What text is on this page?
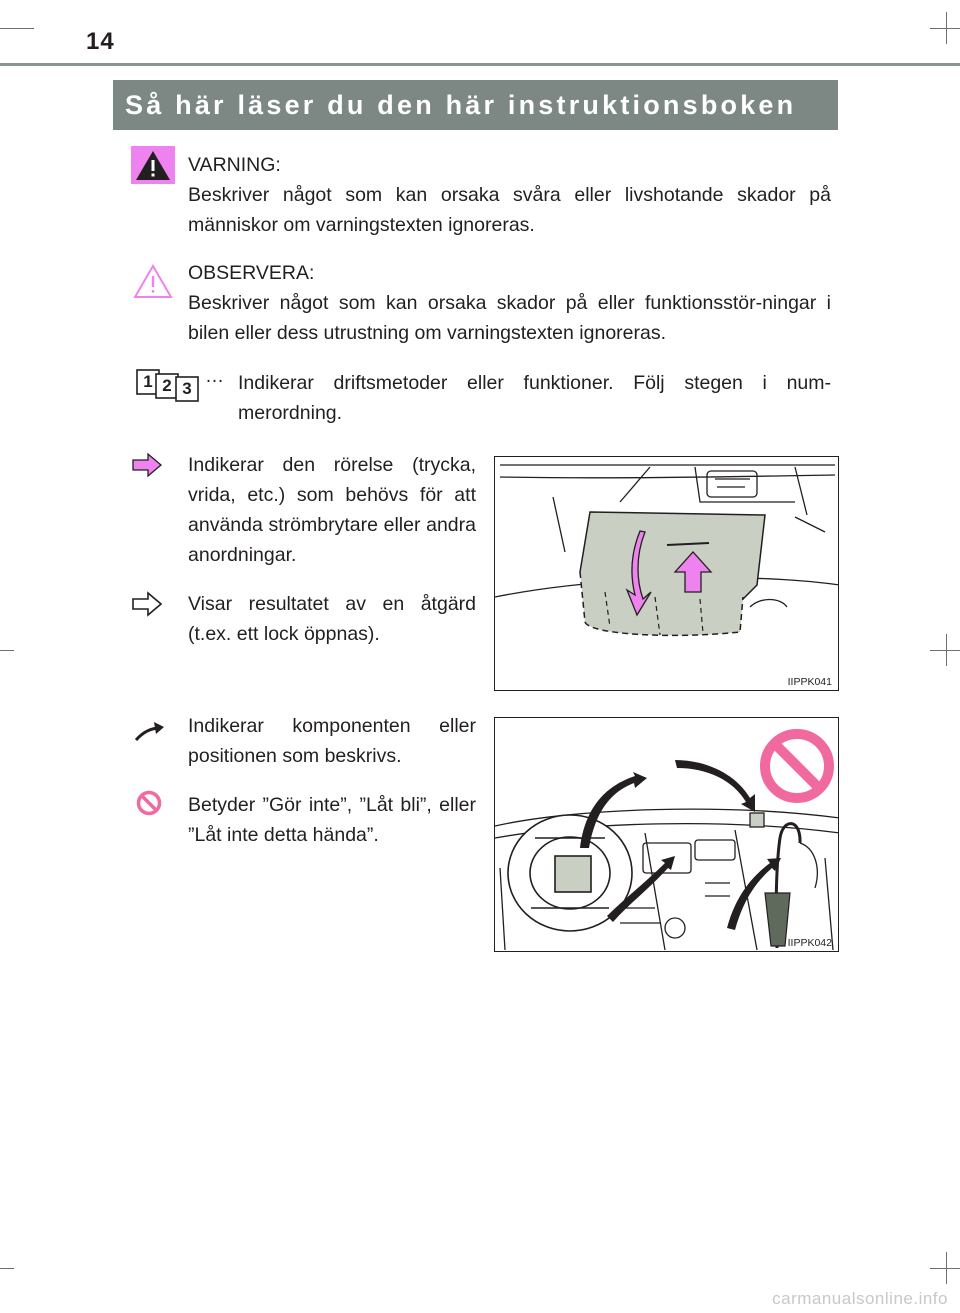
14
Så här läser du den här instruktionsboken

VARNING:

Beskriver något som kan orsaka svåra eller livshotande skador på människor om varningstexten ignoreras.

OBSERVERA:

Beskriver något som kan orsaka skador på eller funktionsstör-ningar i bilen eller dess utrustning om varningstexten ignoreras.

1 2 3
… Indikerar driftsmetoder eller funktioner. Följ stegen i num-merordning.
Indikerar den rörelse (trycka, vrida, etc.) som behövs för att använda strömbrytare eller andra anordningar.
Visar resultatet av en åtgärd (t.ex. ett lock öppnas).
IIPPK041
Indikerar komponenten eller positionen som beskrivs.
Betyder ”Gör inte”, ”Låt bli”, eller ”Låt inte detta hända”.
IIPPK042
carmanualsonline.info
